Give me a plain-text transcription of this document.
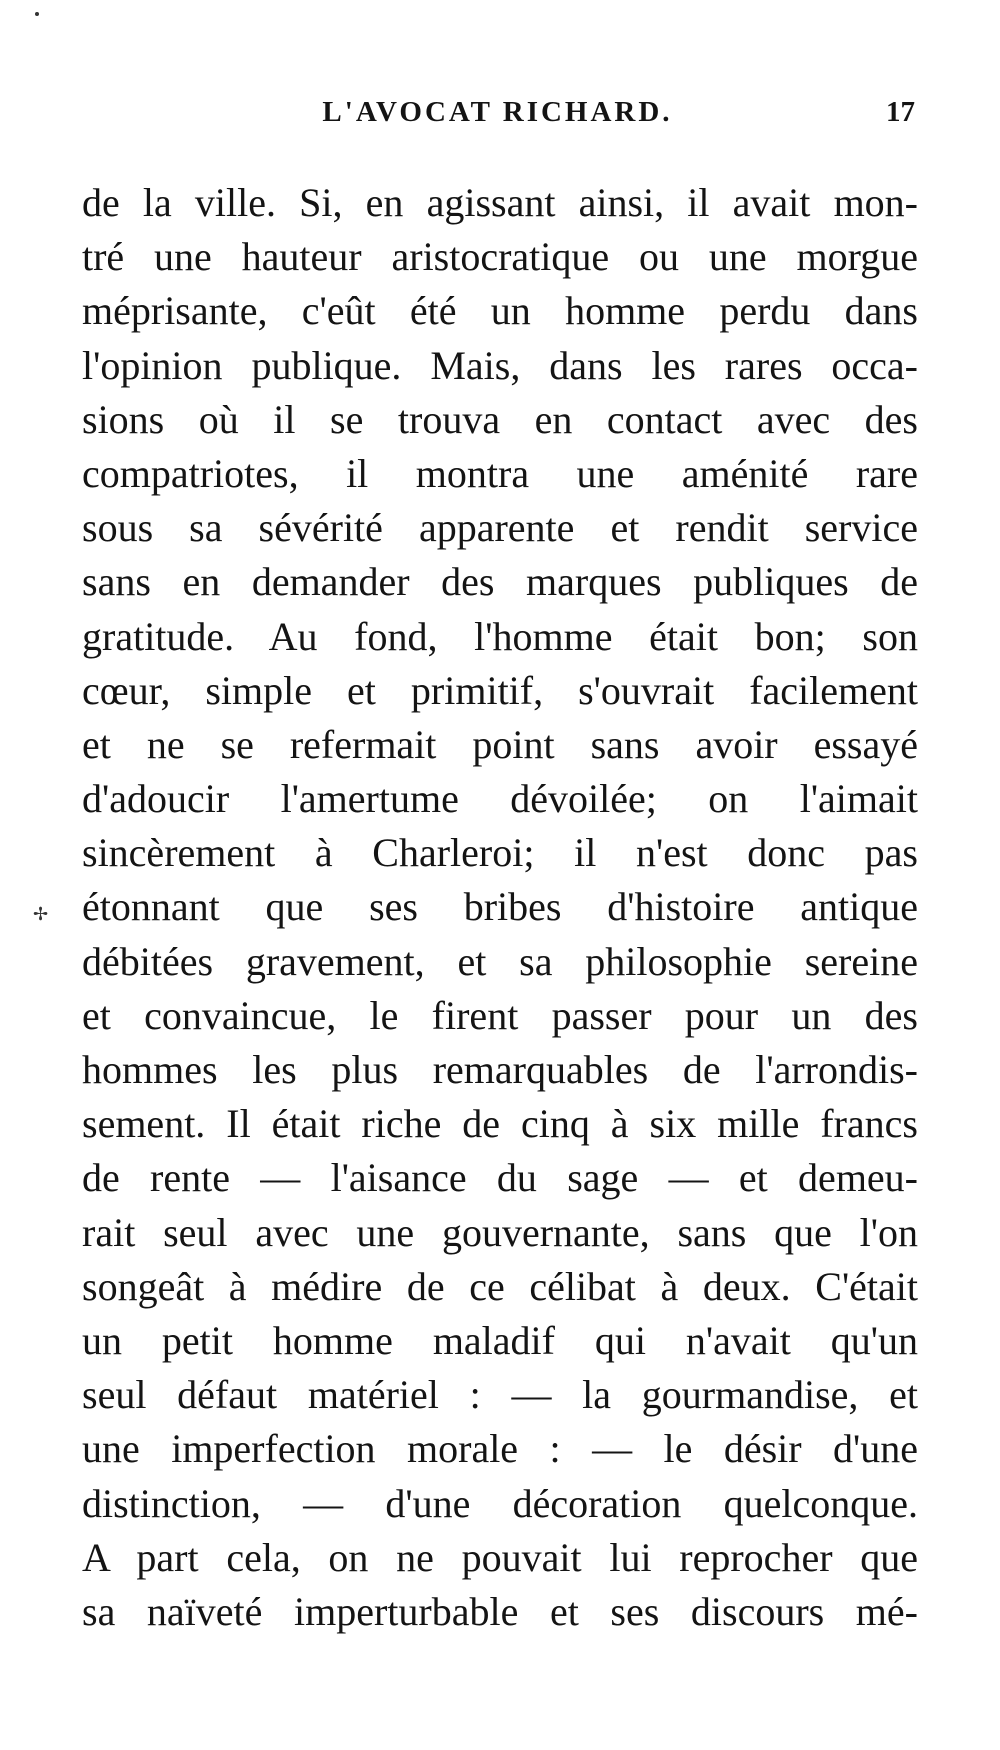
L'AVOCAT RICHARD.	17
✢
de la ville. Si, en agissant ainsi, il avait mon-
tré une hauteur aristocratique ou une morgue
méprisante, c'eût été un homme perdu dans
l'opinion publique. Mais, dans les rares occa-
sions où il se trouva en contact avec des
compatriotes, il montra une aménité rare
sous sa sévérité apparente et rendit service
sans en demander des marques publiques de
gratitude. Au fond, l'homme était bon; son
cœur, simple et primitif, s'ouvrait facilement
et ne se refermait point sans avoir essayé
d'adoucir l'amertume dévoilée; on l'aimait
sincèrement à Charleroi; il n'est donc pas
étonnant que ses bribes d'histoire antique
débitées gravement, et sa philosophie sereine
et convaincue, le firent passer pour un des
hommes les plus remarquables de l'arrondis-
sement. Il était riche de cinq à six mille francs
de rente — l'aisance du sage — et demeu-
rait seul avec une gouvernante, sans que l'on
songeât à médire de ce célibat à deux. C'était
un petit homme maladif qui n'avait qu'un
seul défaut matériel : — la gourmandise, et
une imperfection morale : — le désir d'une
distinction, — d'une décoration quelconque.
A part cela, on ne pouvait lui reprocher que
sa naïveté imperturbable et ses discours mé-
